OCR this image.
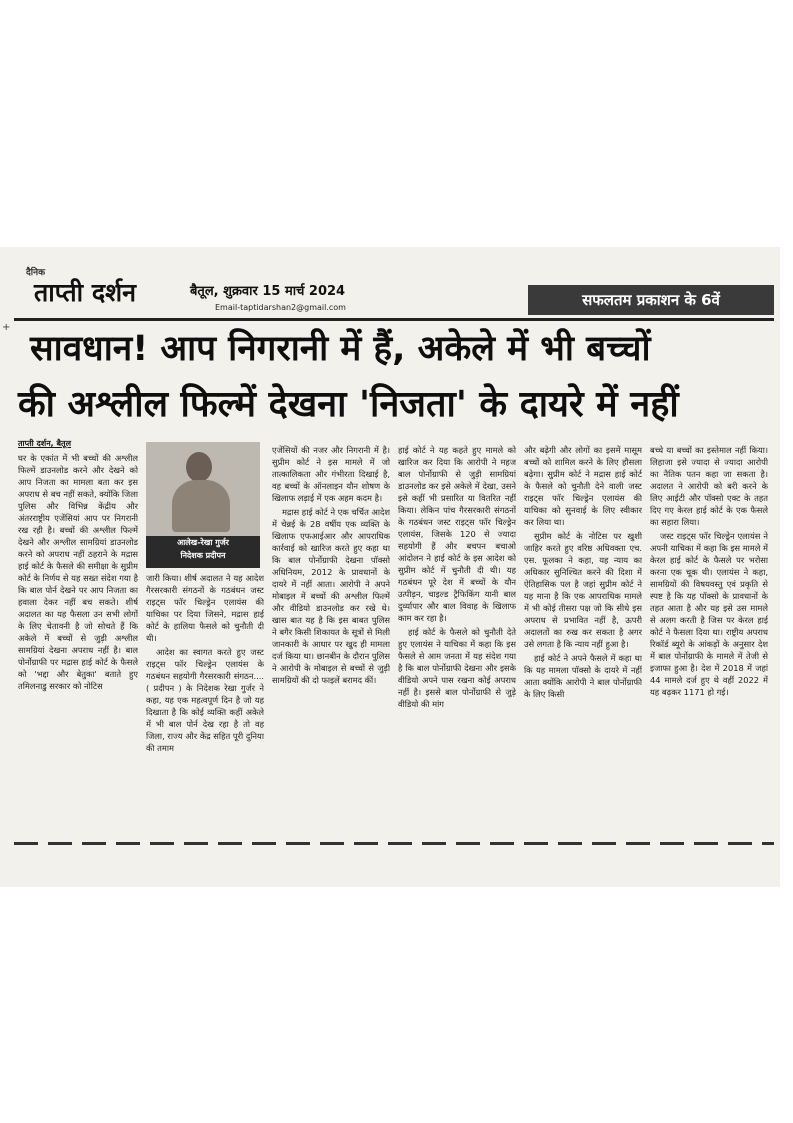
+
दैनिक
ताप्ती दर्शन	बैतूल, शुक्रवार 15 मार्च 2024
Email-taptidarshan2@gmail.com	सफलतम प्रकाशन के 6वें
सावधान! आप निगरानी में हैं, अकेले में भी बच्चों
की अश्लील फिल्में देखना 'निजता' के दायरे में नहीं
ताप्ती दर्शन, बैतूल

घर के एकांत में भी बच्चों की अश्लील फिल्में डाउनलोड करने और देखने को आप निजता का मामला बता कर इस अपराध से बच नहीं सकते, क्योंकि जिला पुलिस और विभिन्न केंद्रीय और अंतरराष्ट्रीय एजेंसियां आप पर निगरानी रख रही है। बच्चों की अश्लील फिल्में देखने और अश्लील सामग्रियां डाउनलोड करने को अपराध नहीं ठहराने के मद्रास हाई कोर्ट के फैसले की समीक्षा के सुप्रीम कोर्ट के निर्णय से यह सख्त संदेश गया है कि बाल पोर्न देखने पर आप निजता का हवाला देकर नहीं बच सकते। शीर्ष अदालत का यह फैसला उन सभी लोगों के लिए चेतावनी है जो सोचते हैं कि अकेले में बच्चों से जुड़ी अश्लील सामग्रियां देखना अपराध नहीं है। बाल पोर्नोग्राफी पर मद्रास हाई कोर्ट के फैसले को 'भद्दा और बेतुका' बताते हुए तमिलनाडु सरकार को नोटिस

आलेख-रेखा गुर्जर
निदेशक प्रदीपन

जारी किया। शीर्ष अदालत ने यह आदेश गैरसरकारी संगठनों के गठबंधन जस्ट राइट्स फॉर चिल्ड्रेन एलायंस की याचिका पर दिया जिसने, मद्रास हाई कोर्ट के हालिया फैसले को चुनौती दी थी।

आदेश का स्वागत करते हुए जस्ट राइट्स फॉर चिल्ड्रेन एलायंस के गठबंधन सहयोगी गैरसरकारी संगठन....( प्रदीपन ) के निदेशक रेखा गुर्जर ने कहा, यह एक महत्वपूर्ण दिन है जो यह दिखाता है कि कोई व्यक्ति कहीं अकेले में भी बाल पोर्न देख रहा है तो वह जिला, राज्य और केंद्र सहित पूरी दुनिया की तमाम

एजेंसियों की नजर और निगरानी में है। सुप्रीम कोर्ट ने इस मामले में जो तात्कालिकता और गंभीरता दिखाई है, वह बच्चों के ऑनलाइन यौन शोषण के खिलाफ लड़ाई में एक अहम कदम है।

मद्रास हाई कोर्ट ने एक चर्चित आदेश में चेन्नई के 28 वर्षीय एक व्यक्ति के खिलाफ एफआईआर और आपराधिक कार्रवाई को खारिज करते हुए कहा था कि बाल पोर्नोग्राफी देखना पॉक्सो अधिनियम, 2012 के प्रावधानों के दायरे में नहीं आता। आरोपी ने अपने मोबाइल में बच्चों की अश्लील फिल्में और वीडियो डाउनलोड कर रखे थे। खास बात यह है कि इस बाबत पुलिस ने बगैर किसी शिकायत के सूत्रों से मिली जानकारी के आधार पर खुद ही मामला दर्ज किया था। छानबीन के दौरान पुलिस ने आरोपी के मोबाइल से बच्चों से जुड़ी सामग्रियों की दो फाइलें बरामद कीं।

हाई कोर्ट ने यह कहते हुए मामले को खारिज कर दिया कि आरोपी ने महज बाल पोर्नोग्राफी से जुड़ी सामग्रियां डाउनलोड कर इसे अकेले में देखा, उसने इसे कहीं भी प्रसारित या वितरित नहीं किया। लेकिन पांच गैरसरकारी संगठनों के गठबंधन जस्ट राइट्स फॉर चिल्ड्रेन एलायंस, जिसके 120 से ज्यादा सहयोगी हैं और बचपन बचाओ आंदोलन ने हाई कोर्ट के इस आदेश को सुप्रीम कोर्ट में चुनौती दी थी। यह गठबंधन पूरे देश में बच्चों के यौन उत्पीड़न, चाइल्ड ट्रैफिकिंग यानी बाल दुर्व्यापार और बाल विवाह के खिलाफ काम कर रहा है।

हाई कोर्ट के फैसले को चुनौती देते हुए एलायंस ने याचिका में कहा कि इस फैसले से आम जनता में यह संदेश गया है कि बाल पोर्नोग्राफी देखना और इसके वीडियो अपने पास रखना कोई अपराध नहीं है। इससे बाल पोर्नोग्राफी से जुड़े वीडियो की मांग

और बढ़ेगी और लोगों का इसमें मासूम बच्चों को शामिल करने के लिए हौसला बढ़ेगा। सुप्रीम कोर्ट ने मद्रास हाई कोर्ट के फैसले को चुनौती देने वाली जस्ट राइट्स फॉर चिल्ड्रेन एलायंस की याचिका को सुनवाई के लिए स्वीकार कर लिया था।

सुप्रीम कोर्ट के नोटिस पर खुशी जाहिर करते हुए वरिष्ठ अधिवक्ता एच. एस. फूलका ने कहा, यह न्याय का अधिकार सुनिश्चित करने की दिशा में ऐतिहासिक पल है जहां सुप्रीम कोर्ट ने यह माना है कि एक आपराधिक मामले में भी कोई तीसरा पक्ष जो कि सीधे इस अपराध से प्रभावित नहीं है, ऊपरी अदालतों का रुख कर सकता है अगर उसे लगता है कि न्याय नहीं हुआ है।

हाई कोर्ट ने अपने फैसले में कहा था कि यह मामला पॉक्सो के दायरे में नहीं आता क्योंकि आरोपी ने बाल पोर्नोग्राफी के लिए किसी

बच्चे या बच्चों का इस्तेमाल नहीं किया। लिहाजा इसे ज्यादा से ज्यादा आरोपी का नैतिक पतन कहा जा सकता है। अदालत ने आरोपी को बरी करने के लिए आईटी और पॉक्सो एक्ट के तहत दिए गए केरल हाई कोर्ट के एक फैसले का सहारा लिया।

जस्ट राइट्स फॉर चिल्ड्रेन एलायंस ने अपनी याचिका में कहा कि इस मामले में केरल हाई कोर्ट के फैसले पर भरोसा करना एक चूक थी। एलायंस ने कहा, सामग्रियों की विषयवस्तु एवं प्रकृति से स्पष्ट है कि यह पॉक्सो के प्रावधानों के तहत आता है और यह इसे उस मामले से अलग करती है जिस पर केरल हाई कोर्ट ने फैसला दिया था। राष्ट्रीय अपराध रिकॉर्ड ब्यूरो के आंकड़ों के अनुसार देश में बाल पोर्नोग्राफी के मामले में तेजी से इजाफा हुआ है। देश में 2018 में जहां 44 मामले दर्ज हुए थे वहीं 2022 में यह बढ़कर 1171 हो गई।
